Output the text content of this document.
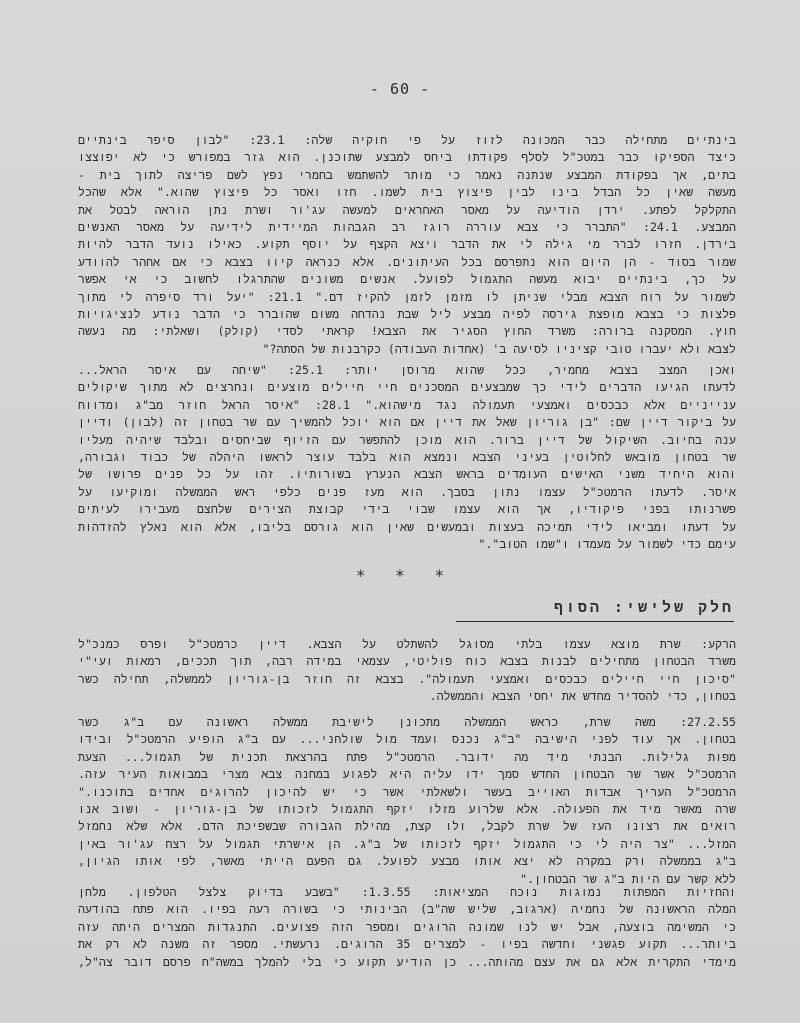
- 60 -
בינתיים מתחילה כבר המכונה לזוז על פי חוקיה שלה: 23.1: "לבון סיפר בינתיים
כיצד הספיקו כבר במטכ"ל לסלף פקודתו ביחס למבצע שתוכנן. הוא גזר במפורש כי לא יפוצצו
בתים, אך בפקודת המבצע שנתנה נאמר כי מותר להשתמש בחמרי נפץ לשם פריצה לתוך בית -
מעשה שאין כל הבדל בינו לבין פיצוץ בית לשמו. חזו ואסר כל פיצוץ שהוא." אלא שהכל
התקלקל לפתע. ירדן הודיעה על מאסר האחראים למעשה עג'ור ושרת נתן הוראה לבטל את
המבצע. 24.1: "התברר כי צבא עוררה רוגז רב הגבהות המיידית לידיעה על מאסר האנשים
בירדן. חזרו לברר מי גילה לי את הדבר ויצא הקצף על יוסף תקוע. כאילו נועד הדבר להיות
שמור בסוד - הן היום הוא נתפרסם בכל העיתונים. אלא כנראה קיוו בצבא כי אם אחהר להוודע
על כך, בינתיים יבוא מעשה התגמול לפועל. אנשים משונים שהתרגלו לחשוב כי אי אפשר
לשמור על רוח הצבא מבלי שניתן לו מזמן לזמן להקיז דם." 21.1: "יעל ורד סיפרה לי מתוך
פלצות כי בצבא מופצת גירסה לפיה מבצע ליל שבת נהדחה משום שהוברר כי הדבר נודע לנציגויות
חוץ. המסקנה ברורה: משרד החוץ הסגיר את הצבא! קראתי לסדי (קולק) ושאלתי: מה נעשה
לצבא ולא יעברו טובי קציניו לסיעה ב' (אחדות העבודה) כקרבנות של הסתה?"
ואכן המצב בצבא מחמיר, ככל שהוא מרוסן יותר: 25.1: "שיחה עם איסר הראל...
לדעתו הגיעו הדברים לידי כך שמבצעים המסכנים חיי חיילים מוצעים ונחרצים לא מתוך שיקולים
ענייניים אלא כבכסים ואמצעי תעמולה נגד מישהוא." 28.1: "איסר הראל חוזר מב"ג ומדווח
על ביקור דיין שם: "בן גוריון שאל את דיין אם הוא יוכל להמשיך עם שר בטחון זה (לבון) ודיין
ענה בחיוב. השיקול של דיין ברור. הוא מוכן להתפשר עם הזיוף שביחסים ובלבד שיהיה מעליו
שר בטחון מובאש לחלוטין בעיני הצבא ונמצא הוא בלבד עוצר לראשו היהלה של כבוד וגבורה,
והוא היחיד משני האישים העומדים בראש הצבא הנערץ בשורותיו. זהו על כל פנים פרושו של
איסר. לדעתו הרמטכ"ל עצמו נתון בסבך. הוא מעז פנים כלפי ראש הממשלה ומוקיעו על
פשרנותו בפני פיקודיו, אך הוא עצמו שבוי בידי קבוצת הצירים שלחצם מעבירו לעיתים
על דעתו ומביאו לידי תמיכה בעצות ובמעשים שאין הוא גורסם בליבו, אלא הוא נאלץ להזדהות
עימם כדי לשמור על מעמדו ו"שמו הטוב"."
* * *
חלק שלישי: הסוף
הרקע: שרת מוצא עצמו בלתי מסוגל להשתלט על הצבא. דיין כרמטכ"ל ופרס כמנכ"ל
משרד הבטחון מתחילים לבנות בצבא כוח פוליטי, עצמאי במידה רבה, תוך תככים, רמאות ועי"י
"סיכון חיי חיילים כבכסים ואמצעי תעמולה". בצבא זה חוזר בן-גוריון לממשלה, תחילה כשר
בטחון, כדי להסדיר מחדש את יחסי הצבא והממשלה.
27.2.55: משה שרת, כראש הממשלה מתכונן לישיבת ממשלה ראשונה עם ב"ג כשר
בטחון. אך עוד לפני הישיבה "ב"ג נכנס ועמד מול שולחני... עם ב"ג הופיע הרמטכ"ל ובידו
מפות גלילות. הבנתי מיד מה ידובר. הרמטכ"ל פתח בהרצאת תכנית של תגמול... הצעת
הרמטכ"ל אשר שר הבטחון החדש סמך ידו עליה היא לפגוע במחנה צבא מצרי במבואות העיר עזה.
הרמטכ"ל העריך אבדות האוייב בעשר ולשאלתי אשר כי יש להיכון להרוגים אחדים בתוכנו."
שרה מאשר מיד את הפעולה. אלא שלרוע מזלו יזקף התגמול לזכותו של בן-גוריון - ושוב אנו
רואים את רצונו העז של שרת לקבל, ולו קצת, מהילת הגבורה שבשפיכת הדם. אלא שלא נחמזל
המזל... "צר היה לי כי התגמול יזקף לזכותו של ב"ג. הן אישרתי תגמול על רצח עג'ור באין
ב"ג בממשלה ורק במקרה לא יצא אותו מבצע לפועל. גם הפעם הייתי מאשר, לפי אותו הגיון,
ללא קשר עם היות ב"ג שר הבטחון."
והחזיות המפתות נמוגות נוכח המציאות: 1.3.55: "בשבע בדיוק צלצל הטלפון. מלחן
המלה הראשונה של נחמיה (ארגוב, שליש שה"ב) הבינותי כי בשורה רעה בפיו. הוא פתח בהודעה
כי המשימה בוצעה, אבל יש לנו שמונה הרוגים ומספר הזה פצועים. התנגדות המצרים היתה עזה
ביותר... תקוע פגשני וחדשה בפיו - למצרים 35 הרוגים. נרעשתי. מספר זה משנה לא רק את
מימדי התקרית אלא גם את עצם מהותה... כן הודיע תקוע כי בלי להמלך במשה"ח פרסם דובר צה"ל,
